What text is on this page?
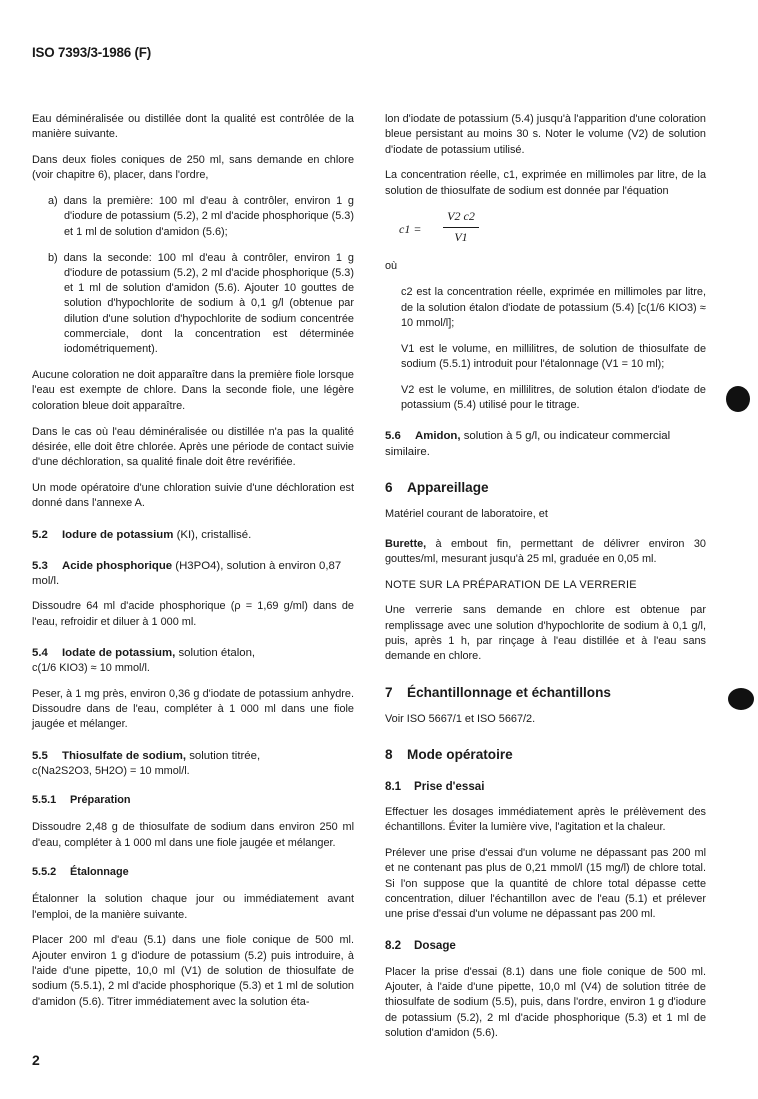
ISO 7393/3-1986 (F)

Eau déminéralisée ou distillée dont la qualité est contrôlée de la manière suivante.

Dans deux fioles coniques de 250 ml, sans demande en chlore (voir chapitre 6), placer, dans l'ordre,

a) dans la première: 100 ml d'eau à contrôler, environ 1 g d'iodure de potassium (5.2), 2 ml d'acide phosphorique (5.3) et 1 ml de solution d'amidon (5.6);

b) dans la seconde: 100 ml d'eau à contrôler, environ 1 g d'iodure de potassium (5.2), 2 ml d'acide phosphorique (5.3) et 1 ml de solution d'amidon (5.6). Ajouter 10 gouttes de solution d'hypochlorite de sodium à 0,1 g/l (obtenue par dilution d'une solution d'hypochlorite de sodium concentrée commerciale, dont la concentration est déterminée iodométriquement).

Aucune coloration ne doit apparaître dans la première fiole lorsque l'eau est exempte de chlore. Dans la seconde fiole, une légère coloration bleue doit apparaître.

Dans le cas où l'eau déminéralisée ou distillée n'a pas la qualité désirée, elle doit être chlorée. Après une période de contact suivie d'une déchloration, sa qualité finale doit être revérifiée.

Un mode opératoire d'une chloration suivie d'une déchloration est donné dans l'annexe A.

5.2 Iodure de potassium (KI), cristallisé.
5.3 Acide phosphorique (H3PO4), solution à environ 0,87 mol/l.

Dissoudre 64 ml d'acide phosphorique (ρ = 1,69 g/ml) dans de l'eau, refroidir et diluer à 1 000 ml.

5.4 Iodate de potassium, solution étalon,

c(1/6 KIO3) ≈ 10 mmol/l.

Peser, à 1 mg près, environ 0,36 g d'iodate de potassium anhydre. Dissoudre dans de l'eau, compléter à 1 000 ml dans une fiole jaugée et mélanger.

5.5 Thiosulfate de sodium, solution titrée,

c(Na2S2O3, 5H2O) = 10 mmol/l.

5.5.1 Préparation

Dissoudre 2,48 g de thiosulfate de sodium dans environ 250 ml d'eau, compléter à 1 000 ml dans une fiole jaugée et mélanger.

5.5.2 Étalonnage

Étalonner la solution chaque jour ou immédiatement avant l'emploi, de la manière suivante.

Placer 200 ml d'eau (5.1) dans une fiole conique de 500 ml. Ajouter environ 1 g d'iodure de potassium (5.2) puis introduire, à l'aide d'une pipette, 10,0 ml (V1) de solution de thiosulfate de sodium (5.5.1), 2 ml d'acide phosphorique (5.3) et 1 ml de solution d'amidon (5.6). Titrer immédiatement avec la solution éta-

lon d'iodate de potassium (5.4) jusqu'à l'apparition d'une coloration bleue persistant au moins 30 s. Noter le volume (V2) de solution d'iodate de potassium utilisé.

La concentration réelle, c1, exprimée en millimoles par litre, de la solution de thiosulfate de sodium est donnée par l'équation

c1 =
V2 c2
V1

où

c2 est la concentration réelle, exprimée en millimoles par litre, de la solution étalon d'iodate de potassium (5.4) [c(1/6 KIO3) ≈ 10 mmol/l];

V1 est le volume, en millilitres, de solution de thiosulfate de sodium (5.5.1) introduit pour l'étalonnage (V1 = 10 ml);

V2 est le volume, en millilitres, de solution étalon d'iodate de potassium (5.4) utilisé pour le titrage.

5.6 Amidon, solution à 5 g/l, ou indicateur commercial similaire.
6 Appareillage

Matériel courant de laboratoire, et

Burette, à embout fin, permettant de délivrer environ 30 gouttes/ml, mesurant jusqu'à 25 ml, graduée en 0,05 ml.

NOTE SUR LA PRÉPARATION DE LA VERRERIE

Une verrerie sans demande en chlore est obtenue par remplissage avec une solution d'hypochlorite de sodium à 0,1 g/l, puis, après 1 h, par rinçage à l'eau distillée et à l'eau sans demande en chlore.

7 Échantillonnage et échantillons

Voir ISO 5667/1 et ISO 5667/2.

8 Mode opératoire
8.1 Prise d'essai

Effectuer les dosages immédiatement après le prélèvement des échantillons. Éviter la lumière vive, l'agitation et la chaleur.

Prélever une prise d'essai d'un volume ne dépassant pas 200 ml et ne contenant pas plus de 0,21 mmol/l (15 mg/l) de chlore total. Si l'on suppose que la quantité de chlore total dépasse cette concentration, diluer l'échantillon avec de l'eau (5.1) et prélever une prise d'essai d'un volume ne dépassant pas 200 ml.

8.2 Dosage

Placer la prise d'essai (8.1) dans une fiole conique de 500 ml. Ajouter, à l'aide d'une pipette, 10,0 ml (V4) de solution titrée de thiosulfate de sodium (5.5), puis, dans l'ordre, environ 1 g d'iodure de potassium (5.2), 2 ml d'acide phosphorique (5.3) et 1 ml de solution d'amidon (5.6).

2
